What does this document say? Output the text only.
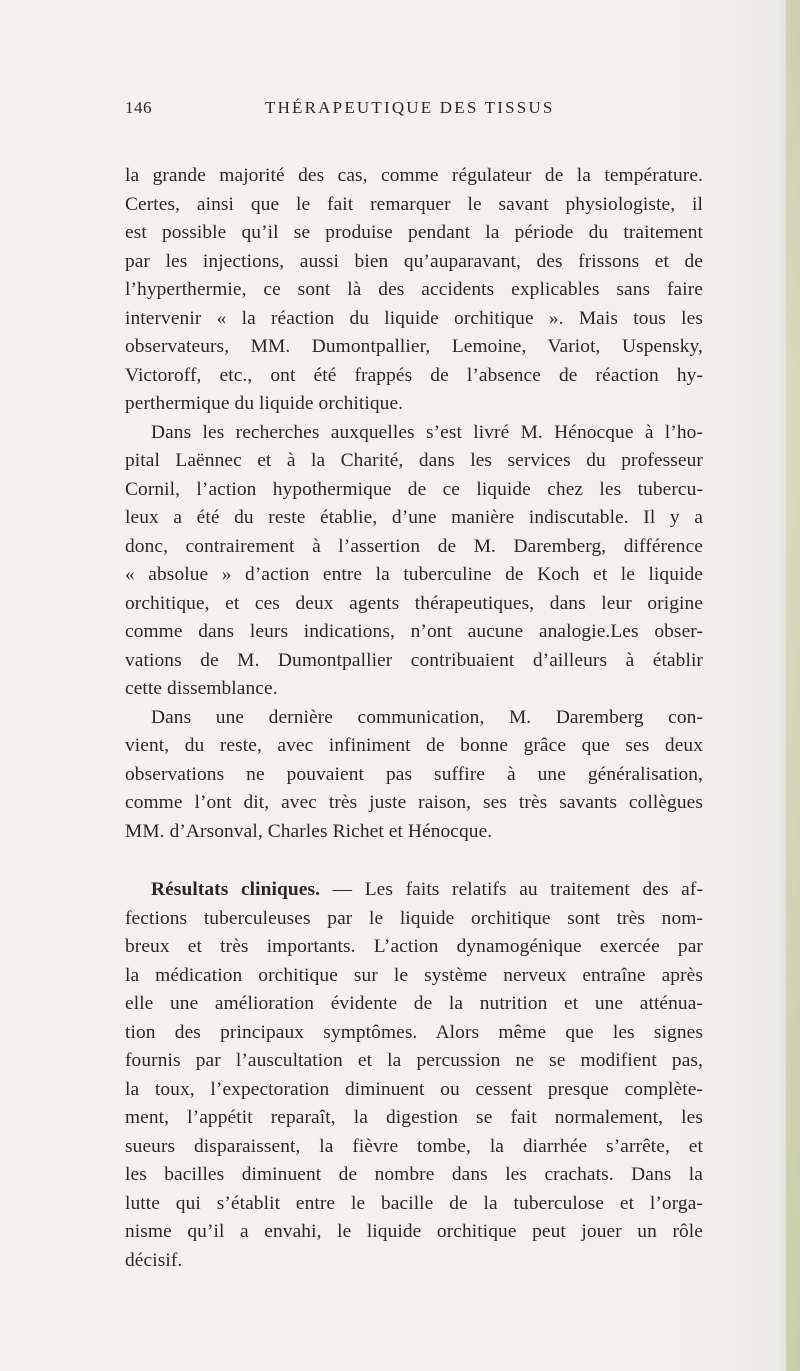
146	THÉRAPEUTIQUE DES TISSUS
la grande majorité des cas, comme régulateur de la température.
Certes, ainsi que le fait remarquer le savant physiologiste, il
est possible qu’il se produise pendant la période du traitement
par les injections, aussi bien qu’auparavant, des frissons et de
l’hyperthermie, ce sont là des accidents explicables sans faire
intervenir « la réaction du liquide orchitique ». Mais tous les
observateurs, MM. Dumontpallier, Lemoine, Variot, Uspensky,
Victoroff, etc., ont été frappés de l’absence de réaction hy-
perthermique du liquide orchitique.
Dans les recherches auxquelles s’est livré M. Hénocque à l’ho-
pital Laënnec et à la Charité, dans les services du professeur
Cornil, l’action hypothermique de ce liquide chez les tubercu-
leux a été du reste établie, d’une manière indiscutable. Il y a
donc, contrairement à l’assertion de M. Daremberg, différence
« absolue » d’action entre la tuberculine de Koch et le liquide
orchitique, et ces deux agents thérapeutiques, dans leur origine
comme dans leurs indications, n’ont aucune analogie.Les obser-
vations de M. Dumontpallier contribuaient d’ailleurs à établir
cette dissemblance.
Dans une dernière communication, M. Daremberg con-
vient, du reste, avec infiniment de bonne grâce que ses deux
observations ne pouvaient pas suffire à une généralisation,
comme l’ont dit, avec très juste raison, ses très savants collègues
MM. d’Arsonval, Charles Richet et Hénocque.
Résultats cliniques. — Les faits relatifs au traitement des af-
fections tuberculeuses par le liquide orchitique sont très nom-
breux et très importants. L’action dynamogénique exercée par
la médication orchitique sur le système nerveux entraîne après
elle une amélioration évidente de la nutrition et une atténua-
tion des principaux symptômes. Alors même que les signes
fournis par l’auscultation et la percussion ne se modifient pas,
la toux, l’expectoration diminuent ou cessent presque complète-
ment, l’appétit reparaît, la digestion se fait normalement, les
sueurs disparaissent, la fièvre tombe, la diarrhée s’arrête, et
les bacilles diminuent de nombre dans les crachats. Dans la
lutte qui s’établit entre le bacille de la tuberculose et l’orga-
nisme qu’il a envahi, le liquide orchitique peut jouer un rôle
décisif.
